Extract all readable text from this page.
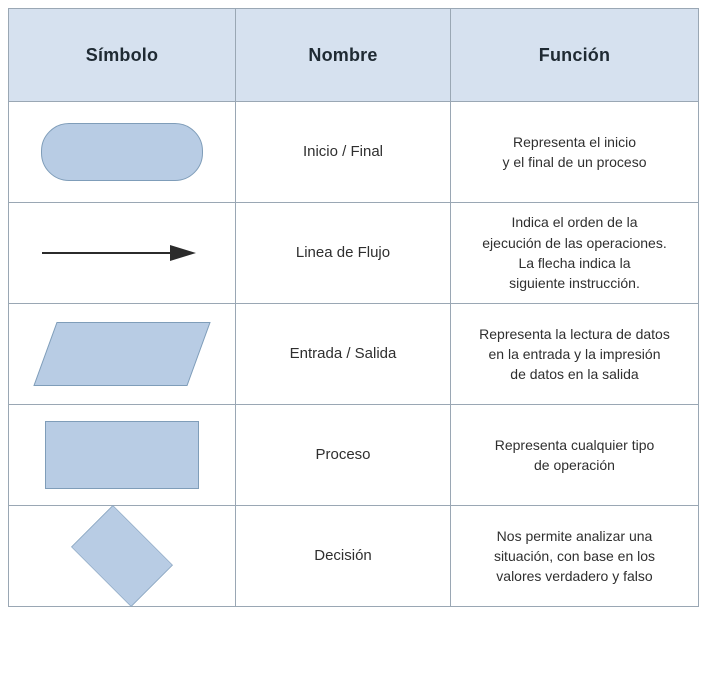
Símbolo	Nombre	Función

	Inicio / Final	Representa el inicio
y el final de un proceso

	Linea de Flujo	Indica el orden de la
ejecución de las operaciones.
La flecha indica la
siguiente instrucción.

	Entrada / Salida	Representa la lectura de datos
en la entrada y la impresión
de datos en la salida

	Proceso	Representa cualquier tipo
de operación

	Decisión	Nos permite analizar una
situación, con base en los
valores verdadero y falso
